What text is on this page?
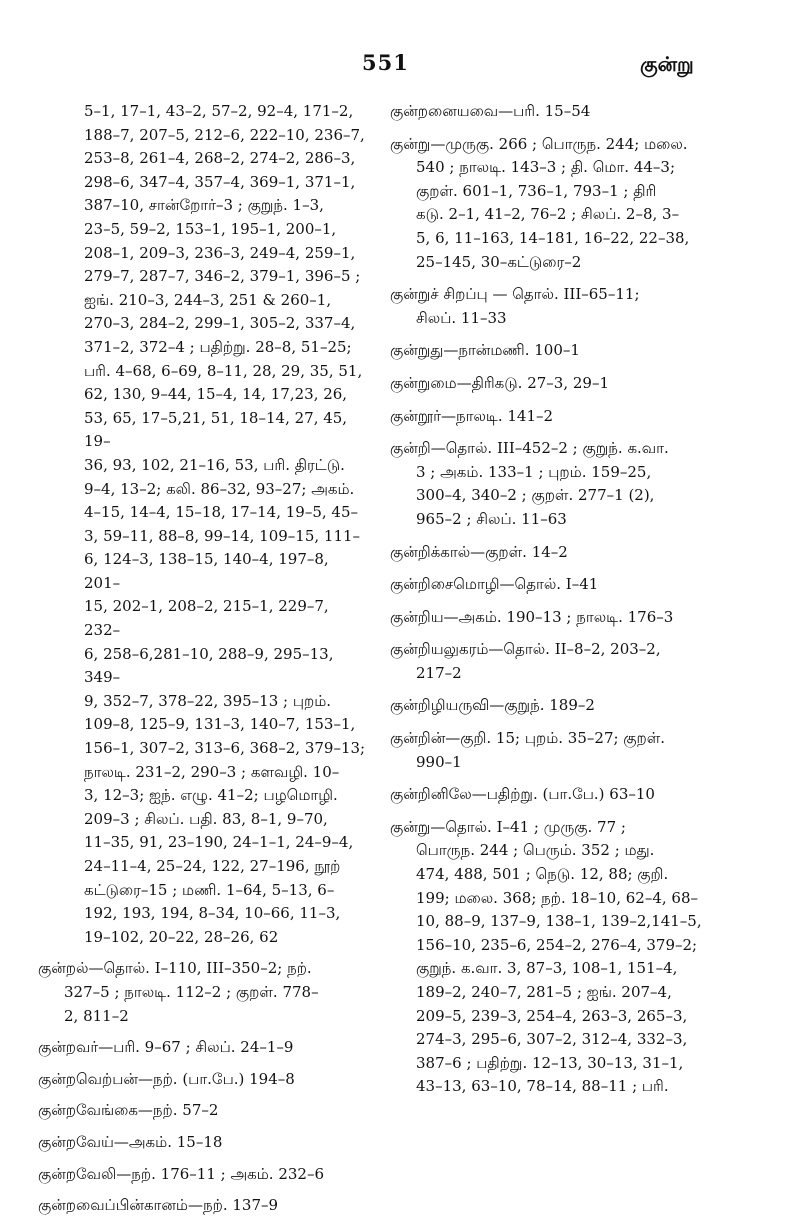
551	குன்று
5–1, 17–1, 43–2, 57–2, 92–4, 171–2,
188–7, 207–5, 212–6, 222–10, 236–7,
253–8, 261–4, 268–2, 274–2, 286–3,
298–6, 347–4, 357–4, 369–1, 371–1,
387–10, சான்றோர்–3 ; குறுந். 1–3,
23–5, 59–2, 153–1, 195–1, 200–1,
208–1, 209–3, 236–3, 249–4, 259–1,
279–7, 287–7, 346–2, 379–1, 396–5 ;
ஐங். 210–3, 244–3, 251 & 260–1,
270–3, 284–2, 299–1, 305–2, 337–4,
371–2, 372–4 ; பதிற்று. 28–8, 51–25;
பரி. 4–68, 6–69, 8–11, 28, 29, 35, 51,
62, 130, 9–44, 15–4, 14, 17,23, 26,
53, 65, 17–5,21, 51, 18–14, 27, 45, 19–
36, 93, 102, 21–16, 53, பரி. திரட்டு.
9–4, 13–2; கலி. 86–32, 93–27; அகம்.
4–15, 14–4, 15–18, 17–14, 19–5, 45–
3, 59–11, 88–8, 99–14, 109–15, 111–
6, 124–3, 138–15, 140–4, 197–8, 201–
15, 202–1, 208–2, 215–1, 229–7, 232–
6, 258–6,281–10, 288–9, 295–13, 349–
9, 352–7, 378–22, 395–13 ; புறம்.
109–8, 125–9, 131–3, 140–7, 153–1,
156–1, 307–2, 313–6, 368–2, 379–13;
நாலடி. 231–2, 290–3 ; களவழி. 10–
3, 12–3; ஐந். எழு. 41–2; பழமொழி.
209–3 ; சிலப். பதி. 83, 8–1, 9–70,
11–35, 91, 23–190, 24–1–1, 24–9–4,
24–11–4, 25–24, 122, 27–196, நூற்
கட்டுரை–15 ; மணி. 1–64, 5–13, 6–
192, 193, 194, 8–34, 10–66, 11–3,
19–102, 20–22, 28–26, 62
குன்றல்—தொல். I–110, III–350–2; நற்.
327–5 ; நாலடி. 112–2 ; குறள். 778–
2, 811–2
குன்றவர்—பரி. 9–67 ; சிலப். 24–1–9
குன்றவெற்பன்—நற். (பா.பே.) 194–8
குன்றவேங்கை—நற். 57–2
குன்றவேய்—அகம். 15–18
குன்றவேலி—நற். 176–11 ; அகம். 232–6
குன்றவைப்பின்கானம்—நற். 137–9
குன்றனையவை—பரி. 15–54
குன்று—முருகு. 266 ; பொருந. 244; மலை.
540 ; நாலடி. 143–3 ; தி. மொ. 44–3;
குறள். 601–1, 736–1, 793–1 ; திரி
கடு. 2–1, 41–2, 76–2 ; சிலப். 2–8, 3–
5, 6, 11–163, 14–181, 16–22, 22–38,
25–145, 30–கட்டுரை–2
குன்றுச் சிறப்பு — தொல். III–65–11;
சிலப். 11–33
குன்றுது—நான்மணி. 100–1
குன்றுமை—திரிகடு. 27–3, 29–1
குன்றூர்—நாலடி. 141–2
குன்றி—தொல். III–452–2 ; குறுந். க.வா.
3 ; அகம். 133–1 ; புறம். 159–25,
300–4, 340–2 ; குறள். 277–1 (2),
965–2 ; சிலப். 11–63
குன்றிக்கால்—குறள். 14–2
குன்றிசைமொழி—தொல். I–41
குன்றிய—அகம். 190–13 ; நாலடி. 176–3
குன்றியலுகரம்—தொல். II–8–2, 203–2,
217–2
குன்றிழியருவி—குறுந். 189–2
குன்றின்—குறி. 15; புறம். 35–27; குறள்.
990–1
குன்றினிலே—பதிற்று. (பா.பே.) 63–10
குன்று—தொல். I–41 ; முருகு. 77 ;
பொருந. 244 ; பெரும். 352 ; மது.
474, 488, 501 ; நெடு. 12, 88; குறி.
199; மலை. 368; நற். 18–10, 62–4, 68–
10, 88–9, 137–9, 138–1, 139–2,141–5,
156–10, 235–6, 254–2, 276–4, 379–2;
குறுந். க.வா. 3, 87–3, 108–1, 151–4,
189–2, 240–7, 281–5 ; ஐங். 207–4,
209–5, 239–3, 254–4, 263–3, 265–3,
274–3, 295–6, 307–2, 312–4, 332–3,
387–6 ; பதிற்று. 12–13, 30–13, 31–1,
43–13, 63–10, 78–14, 88–11 ; பரி.
